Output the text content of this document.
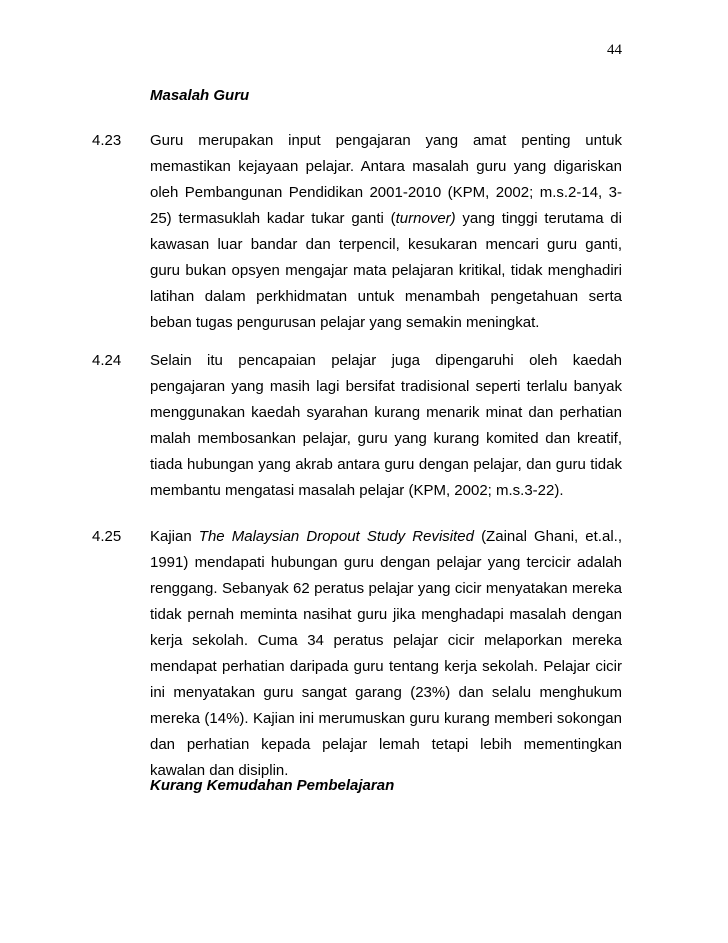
44
Masalah Guru
4.23	Guru merupakan input pengajaran yang amat penting untuk memastikan kejayaan pelajar. Antara masalah guru yang digariskan oleh Pembangunan Pendidikan 2001-2010 (KPM, 2002; m.s.2-14, 3-25) termasuklah kadar tukar ganti (turnover) yang tinggi terutama di kawasan luar bandar dan terpencil, kesukaran mencari guru ganti, guru bukan opsyen mengajar mata pelajaran kritikal, tidak menghadiri latihan dalam perkhidmatan untuk menambah pengetahuan serta beban tugas pengurusan pelajar yang semakin meningkat.

4.24	Selain itu pencapaian pelajar juga dipengaruhi oleh kaedah pengajaran yang masih lagi bersifat tradisional seperti terlalu banyak menggunakan kaedah syarahan kurang menarik minat dan perhatian malah membosankan pelajar, guru yang kurang komited dan kreatif, tiada hubungan yang akrab antara guru dengan pelajar, dan guru tidak membantu mengatasi masalah pelajar (KPM, 2002; m.s.3-22).

4.25	Kajian The Malaysian Dropout Study Revisited (Zainal Ghani, et.al., 1991) mendapati hubungan guru dengan pelajar yang tercicir adalah renggang. Sebanyak 62 peratus pelajar yang cicir menyatakan mereka tidak pernah meminta nasihat guru jika menghadapi masalah dengan kerja sekolah. Cuma 34 peratus pelajar cicir melaporkan mereka mendapat perhatian daripada guru tentang kerja sekolah. Pelajar cicir ini menyatakan guru sangat garang (23%) dan selalu menghukum mereka (14%). Kajian ini merumuskan guru kurang memberi sokongan dan perhatian kepada pelajar lemah tetapi lebih mementingkan kawalan dan disiplin.

Kurang Kemudahan Pembelajaran
